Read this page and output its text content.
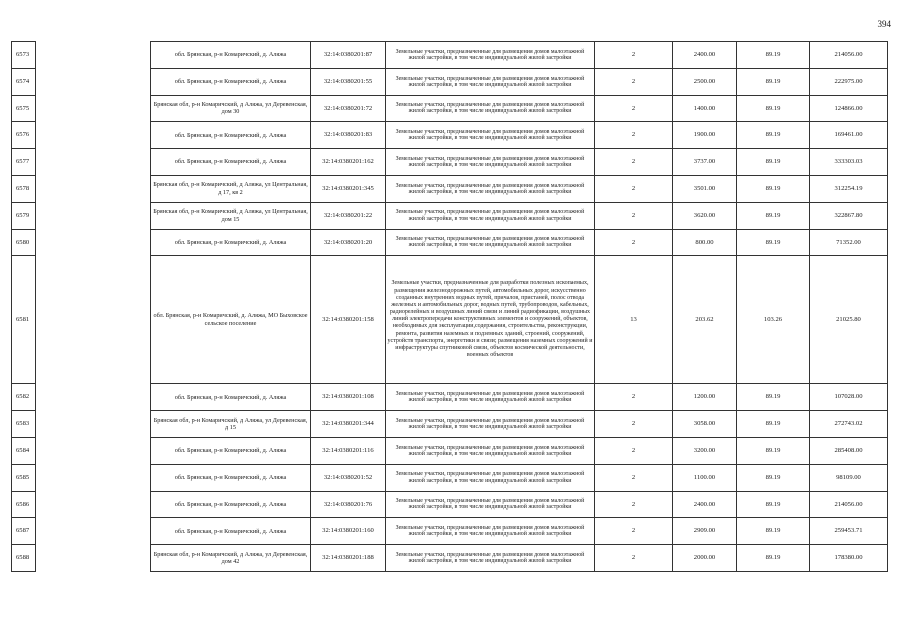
394
6573		обл. Брянская, р-н Комаричский, д. Аляжа	32:14:0380201:87	Земельные участки, предназначенные для размещения домов малоэтажной жилой застройки, в том числе индивидуальной жилой застройки	2	2400.00	89.19	214056.00
6574		обл. Брянская, р-н Комаричский, д. Аляжа	32:14:0380201:55	Земельные участки, предназначенные для размещения домов малоэтажной жилой застройки, в том числе индивидуальной жилой застройки	2	2500.00	89.19	222975.00
6575		Брянская обл, р-н Комаричский, д Аляжа, ул Деревенская, дом 30	32:14:0380201:72	Земельные участки, предназначенные для размещения домов малоэтажной жилой застройки, в том числе индивидуальной жилой застройки	2	1400.00	89.19	124866.00
6576		обл. Брянская, р-н Комаричский, д. Аляжа	32:14:0380201:83	Земельные участки, предназначенные для размещения домов малоэтажной жилой застройки, в том числе индивидуальной жилой застройки	2	1900.00	89.19	169461.00
6577		обл. Брянская, р-н Комаричский, д. Аляжа	32:14:0380201:162	Земельные участки, предназначенные для размещения домов малоэтажной жилой застройки, в том числе индивидуальной жилой застройки	2	3737.00	89.19	333303.03
6578		Брянская обл, р-н Комаричский, д Аляжа, ул Центральная, д 17, кв 2	32:14:0380201:345	Земельные участки, предназначенные для размещения домов малоэтажной жилой застройки, в том числе индивидуальной жилой застройки	2	3501.00	89.19	312254.19
6579		Брянская обл, р-н Комаричский, д Аляжа, ул Центральная, дом 15	32:14:0380201:22	Земельные участки, предназначенные для размещения домов малоэтажной жилой застройки, в том числе индивидуальной жилой застройки	2	3620.00	89.19	322867.80
6580		обл. Брянская, р-н Комаричский, д. Аляжа	32:14:0380201:20	Земельные участки, предназначенные для размещения домов малоэтажной жилой застройки, в том числе индивидуальной жилой застройки	2	800.00	89.19	71352.00
6581		обл. Брянская, р-н Комаричский, д. Аляжа, МО Быховское сельское поселение	32:14:0380201:158	Земельные участки, предназначенные для разработки полезных ископаемых, размещения железнодорожных путей, автомобильных дорог, искусственно созданных внутренних водных путей, причалов, пристаней, полос отвода железных и автомобильных дорог, водных путей, трубопроводов, кабельных, радиорелейных и воздушных линий связи и линий радиофикации, воздушных линий электропередачи конструктивных элементов и сооружений, объектов, необходимых для эксплуатации,содержания, строительства, реконструкции, ремонта, развития наземных и подземных зданий, строений, сооружений, устройств транспорта, энергетики и связи; размещения наземных сооружений и инфраструктуры спутниковой связи, объектов космической деятельности, военных объектов	13	203.62	103.26	21025.80
6582		обл. Брянская, р-н Комаричский, д. Аляжа	32:14:0380201:108	Земельные участки, предназначенные для размещения домов малоэтажной жилой застройки, в том числе индивидуальной жилой застройки	2	1200.00	89.19	107028.00
6583		Брянская обл, р-н Комаричский, д Аляжа, ул Деревенская, д 15	32:14:0380201:344	Земельные участки, предназначенные для размещения домов малоэтажной жилой застройки, в том числе индивидуальной жилой застройки	2	3058.00	89.19	272743.02
6584		обл. Брянская, р-н Комаричский, д. Аляжа	32:14:0380201:116	Земельные участки, предназначенные для размещения домов малоэтажной жилой застройки, в том числе индивидуальной жилой застройки	2	3200.00	89.19	285408.00
6585		обл. Брянская, р-н Комаричский, д. Аляжа	32:14:0380201:52	Земельные участки, предназначенные для размещения домов малоэтажной жилой застройки, в том числе индивидуальной жилой застройки	2	1100.00	89.19	98109.00
6586		обл. Брянская, р-н Комаричский, д. Аляжа	32:14:0380201:76	Земельные участки, предназначенные для размещения домов малоэтажной жилой застройки, в том числе индивидуальной жилой застройки	2	2400.00	89.19	214056.00
6587		обл. Брянская, р-н Комаричский, д. Аляжа	32:14:0380201:160	Земельные участки, предназначенные для размещения домов малоэтажной жилой застройки, в том числе индивидуальной жилой застройки	2	2909.00	89.19	259453.71
6588		Брянская обл, р-н Комаричский, д Аляжа, ул Деревенская, дом 42	32:14:0380201:188	Земельные участки, предназначенные для размещения домов малоэтажной жилой застройки, в том числе индивидуальной жилой застройки	2	2000.00	89.19	178380.00
